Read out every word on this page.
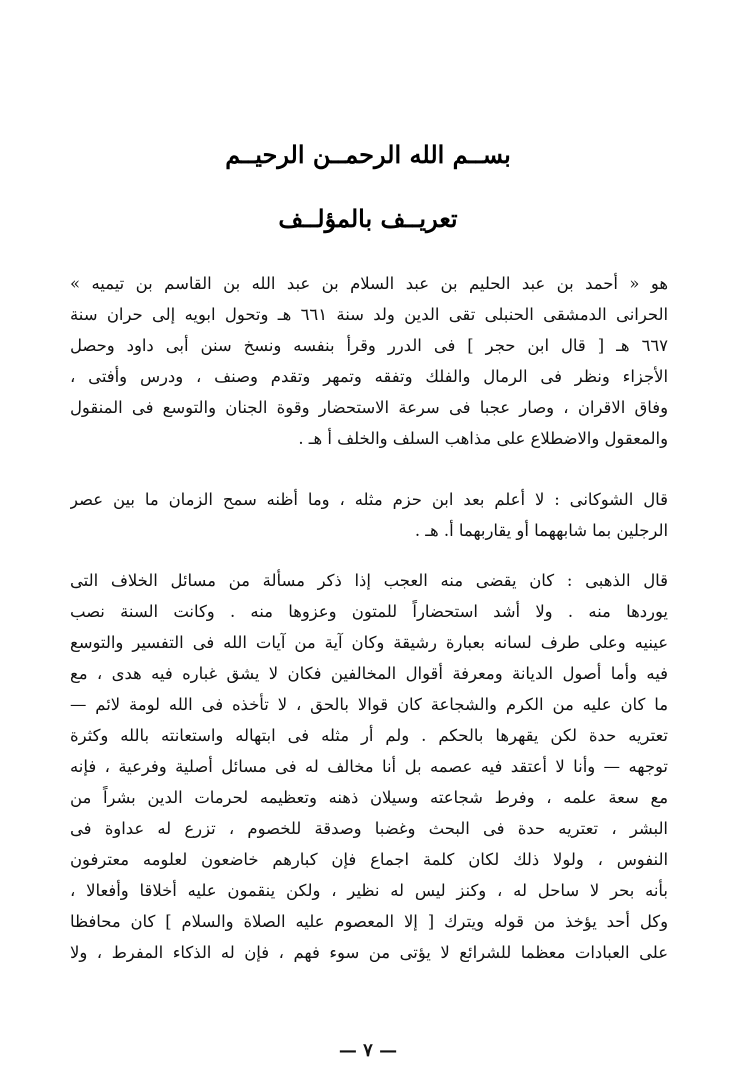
بســم الله الرحمــن الرحيــم
تعريــف بالمؤلــف
هو « أحمد بن عبد الحليم بن عبد السلام بن عبد الله بن القاسم بن تيميه »
الحرانى الدمشقى الحنبلى تقى الدين ولد سنة ٦٦١ هـ وتحول ابويه إلى حران سنة
٦٦٧ هـ [ قال ابن حجر ] فى الدرر وقرأ بنفسه ونسخ سنن أبى داود وحصل
الأجزاء ونظر فى الرمال والفلك وتفقه وتمهر وتقدم وصنف ، ودرس وأفتى ،
وفاق الاقران ، وصار عجبا فى سرعة الاستحضار وقوة الجنان والتوسع فى المنقول
والمعقول والاضطلاع على مذاهب السلف والخلف أ هـ .
قال الشوكانى : لا أعلم بعد ابن حزم مثله ، وما أظنه سمح الزمان ما بين عصر
الرجلين بما شابههما أو يقاربهما أ. هـ .
قال الذهبى : كان يقضى منه العجب إذا ذكر مسألة من مسائل الخلاف التى
يوردها منه . ولا أشد استحضاراً للمتون وعزوها منه . وكانت السنة نصب
عينيه وعلى طرف لسانه بعبارة رشيقة وكان آية من آيات الله فى التفسير والتوسع
فيه وأما أصول الديانة ومعرفة أقوال المخالفين فكان لا يشق غباره فيه هدى ، مع
ما كان عليه من الكرم والشجاعة كان قوالا بالحق ، لا تأخذه فى الله لومة لائم —
تعتريه حدة لكن يقهرها بالحكم . ولم أر مثله فى ابتهاله واستعانته بالله وكثرة
توجهه — وأنا لا أعتقد فيه عصمه بل أنا مخالف له فى مسائل أصلية وفرعية ، فإنه
مع سعة علمه ، وفرط شجاعته وسيلان ذهنه وتعظيمه لحرمات الدين بشراً من
البشر ، تعتريه حدة فى البحث وغضبا وصدقة للخصوم ، تزرع له عداوة فى
النفوس ، ولولا ذلك لكان كلمة اجماع فإن كبارهم خاضعون لعلومه معترفون
بأنه بحر لا ساحل له ، وكنز ليس له نظير ، ولكن ينقمون عليه أخلاقا وأفعالا ،
وكل أحد يؤخذ من قوله ويترك [ إلا المعصوم عليه الصلاة والسلام ] كان محافظا
على العبادات معظما للشرائع لا يؤتى من سوء فهم ، فإن له الذكاء المفرط ، ولا
— ٧ —
